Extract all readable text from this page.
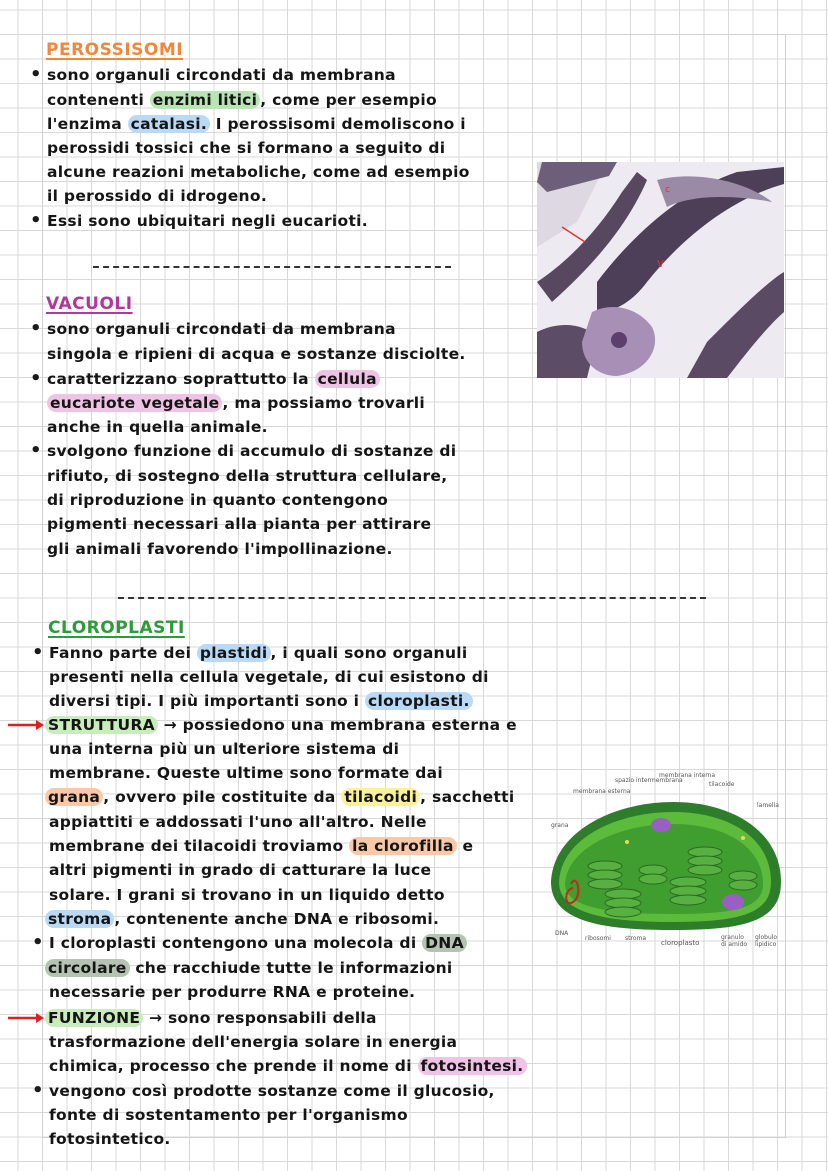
PEROSSISOMI
• sono organuli circondati da membrana
contenenti enzimi litici , come per esempio
l'enzima catalasi. I perossisomi demoliscono i
perossidi tossici che si formano a seguito di
alcune reazioni metaboliche, come ad esempio
il perossido di idrogeno.
• Essi sono ubiquitari negli eucarioti.
v
c
VACUOLI
• sono organuli circondati da membrana
singola e ripieni di acqua e sostanze disciolte.
• caratterizzano soprattutto la cellula
eucariote vegetale , ma possiamo trovarli
anche in quella animale.
• svolgono funzione di accumulo di sostanze di
rifiuto, di sostegno della struttura cellulare,
di riproduzione in quanto contengono
pigmenti necessari alla pianta per attirare
gli animali favorendo l'impollinazione.
CLOROPLASTI
• Fanno parte dei plastidi , i quali sono organuli
presenti nella cellula vegetale, di cui esistono di
diversi tipi. I più importanti sono i cloroplasti.
STRUTTURA → possiedono una membrana esterna e
una interna più un ulteriore sistema di
membrane. Queste ultime sono formate dai
grana , ovvero pile costituite da tilacoidi , sacchetti
appiattiti e addossati l'uno all'altro. Nelle
membrane dei tilacoidi troviamo la clorofilla e
altri pigmenti in grado di catturare la luce
solare. I grani si trovano in un liquido detto
stroma , contenente anche DNA e ribosomi.
• I cloroplasti contengono una molecola di DNA
circolare che racchiude tutte le informazioni
necessarie per produrre RNA e proteine.
FUNZIONE → sono responsabili della
trasformazione dell'energia solare in energia
chimica, processo che prende il nome di fotosintesi.
• vengono così prodotte sostanze come il glucosio,
fonte di sostentamento per l'organismo
fotosintetico.
membrana esterna
spazio intermembrana
membrana interna
tilacoide
lamella
grana
DNA
ribosomi stroma
cloroplasto
granulo di amido
globulo lipidico
